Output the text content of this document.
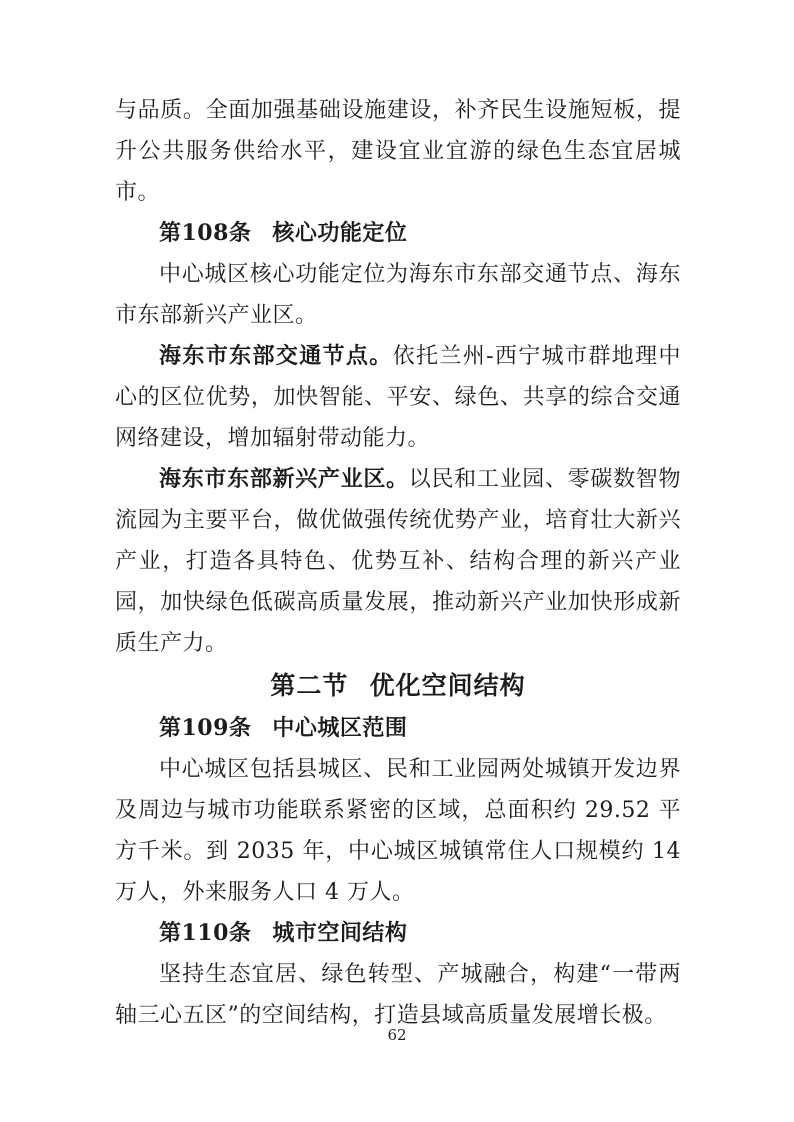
与品质。全面加强基础设施建设，补齐民生设施短板，提升公共服务供给水平，建设宜业宜游的绿色生态宜居城市。

第108条 核心功能定位

中心城区核心功能定位为海东市东部交通节点、海东市东部新兴产业区。

海东市东部交通节点。依托兰州-西宁城市群地理中心的区位优势，加快智能、平安、绿色、共享的综合交通网络建设，增加辐射带动能力。

海东市东部新兴产业区。以民和工业园、零碳数智物流园为主要平台，做优做强传统优势产业，培育壮大新兴产业，打造各具特色、优势互补、结构合理的新兴产业园，加快绿色低碳高质量发展，推动新兴产业加快形成新质生产力。

第二节 优化空间结构

第109条 中心城区范围

中心城区包括县城区、民和工业园两处城镇开发边界及周边与城市功能联系紧密的区域，总面积约 29.52 平方千米。到 2035 年，中心城区城镇常住人口规模约 14 万人，外来服务人口 4 万人。

第110条 城市空间结构

坚持生态宜居、绿色转型、产城融合，构建“一带两轴三心五区”的空间结构，打造县域高质量发展增长极。

62
